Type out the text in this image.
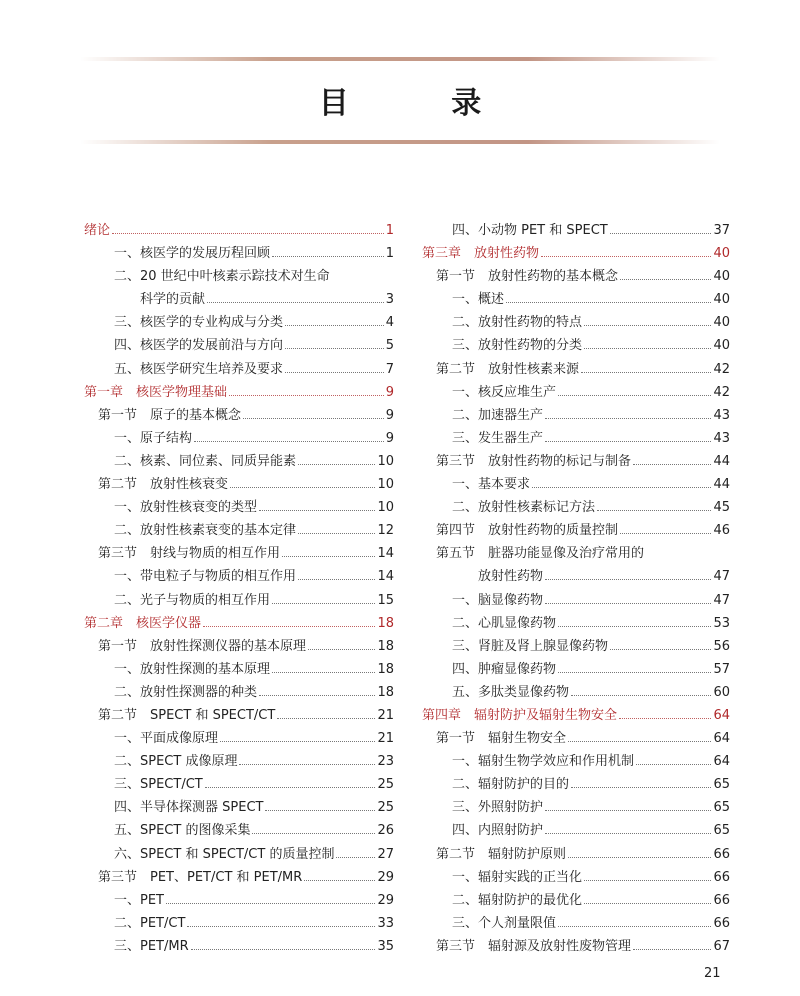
目 录
绪论	1
一、核医学的发展历程回顾	1
二、20 世纪中叶核素示踪技术对生命
科学的贡献	3
三、核医学的专业构成与分类	4
四、核医学的发展前沿与方向	5
五、核医学研究生培养及要求	7
第一章　核医学物理基础	9
第一节　原子的基本概念	9
一、原子结构	9
二、核素、同位素、同质异能素	10
第二节　放射性核衰变	10
一、放射性核衰变的类型	10
二、放射性核素衰变的基本定律	12
第三节　射线与物质的相互作用	14
一、带电粒子与物质的相互作用	14
二、光子与物质的相互作用	15
第二章　核医学仪器	18
第一节　放射性探测仪器的基本原理	18
一、放射性探测的基本原理	18
二、放射性探测器的种类	18
第二节　SPECT 和 SPECT/CT	21
一、平面成像原理	21
二、SPECT 成像原理	23
三、SPECT/CT	25
四、半导体探测器 SPECT	25
五、SPECT 的图像采集	26
六、SPECT 和 SPECT/CT 的质量控制	27
第三节　PET、PET/CT 和 PET/MR	29
一、PET	29
二、PET/CT	33
三、PET/MR	35
四、小动物 PET 和 SPECT	37
第三章　放射性药物	40
第一节　放射性药物的基本概念	40
一、概述	40
二、放射性药物的特点	40
三、放射性药物的分类	40
第二节　放射性核素来源	42
一、核反应堆生产	42
二、加速器生产	43
三、发生器生产	43
第三节　放射性药物的标记与制备	44
一、基本要求	44
二、放射性核素标记方法	45
第四节　放射性药物的质量控制	46
第五节　脏器功能显像及治疗常用的
放射性药物	47
一、脑显像药物	47
二、心肌显像药物	53
三、肾脏及肾上腺显像药物	56
四、肿瘤显像药物	57
五、多肽类显像药物	60
第四章　辐射防护及辐射生物安全	64
第一节　辐射生物安全	64
一、辐射生物学效应和作用机制	64
二、辐射防护的目的	65
三、外照射防护	65
四、内照射防护	65
第二节　辐射防护原则	66
一、辐射实践的正当化	66
二、辐射防护的最优化	66
三、个人剂量限值	66
第三节　辐射源及放射性废物管理	67
21
